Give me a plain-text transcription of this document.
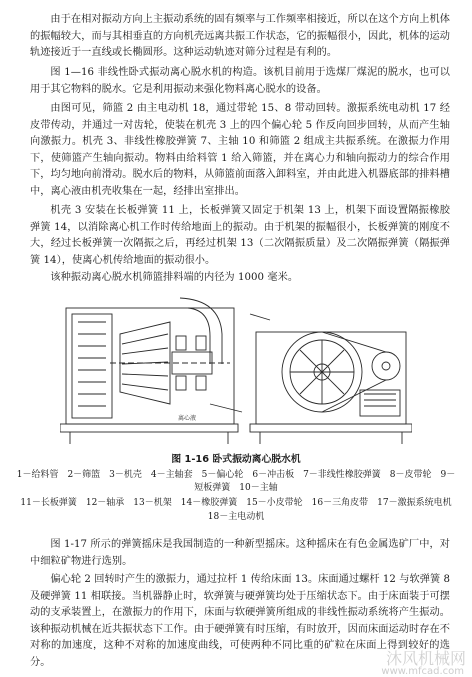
由于在相对振动方向上主振动系统的固有频率与工作频率相接近，所以在这个方向上机体的振幅较大，而与其相垂直的方向机壳远离共振工作状态，它的振幅很小，因此，机体的运动轨迹接近于一直线或长椭圆形。这种运动轨迹对筛分过程是有利的。

图 1—16 非线性卧式振动离心脱水机的构造。该机目前用于选煤厂煤泥的脱水，也可以用于其它物料的脱水。它是利用振动来强化物料离心脱水的设备。

由图可见，筛篮 2 由主电动机 18，通过带轮 15、8 带动回转。激振系统电动机 17 经皮带传动，并通过一对齿轮，使装在机壳 3 上的四个偏心轮 5 作反向回步回转，从而产生轴向激振力。机壳 3、非线性橡胶弹簧 7、主轴 10 和筛篮 2 组成主共振系统。在激振力作用下，使筛篮产生轴向振动。物料由给料管 1 给入筛篮，并在离心力和轴向振动力的综合作用下，均匀地向前滑动。脱水后的物料，从筛篮前面落入卸料室，并由此进入机器底部的排料槽中，离心液由机壳收集在一起，经排出室排出。

机壳 3 安装在长板弹簧 11 上，长板弹簧又固定于机架 13 上，机架下面设置隔振橡胶弹簧 14，以消除离心机工作时传给地面上的振动。由于机架的振幅很小，长板弹簧的刚度不大，经过长板弹簧一次隔振之后，再经过机架 13（二次隔振质量）及二次隔振弹簧（隔振弹簧 14），使离心机传给地面的振动很小。

该种振动离心脱水机筛篮排料端的内径为 1000 毫米。

离心液

图 1-16 卧式振动离心脱水机

1－给料管　2－筛篮　3－机壳　4－主轴套　5－偏心轮　6－冲击板　7－非线性橡胶弹簧　8－皮带轮　9－短板弹簧　10－主轴

11－长板弹簧　12－轴承　13－机架　14－橡胶弹簧　15－小皮带轮　16－三角皮带　17－激振系统电机

18－主电动机

图 1-17 所示的弹簧摇床是我国制造的一种新型摇床。这种摇床在有色金属选矿厂中，对中细粒矿物进行选别。

偏心轮 2 回转时产生的激振力，通过拉杆 1 传给床面 13。床面通过螺杆 12 与软弹簧 8 及硬弹簧 11 相联接。当机器静止时，软弹簧与硬弹簧均处于压缩状态下。由于床面装于可摆动的支承装置上，在激振力的作用下，床面与软硬弹簧所组成的非线性振动系统将产生振动。该种振动机械在近共振状态下工作。由于硬弹簧有时压缩，有时放开，因而床面运动时存在不对称的加速度，这种不对称的加速度曲线，可使两种不同比重的矿粒在床面上得到较好的选分。	沐风机械网
www.mfcad.com
